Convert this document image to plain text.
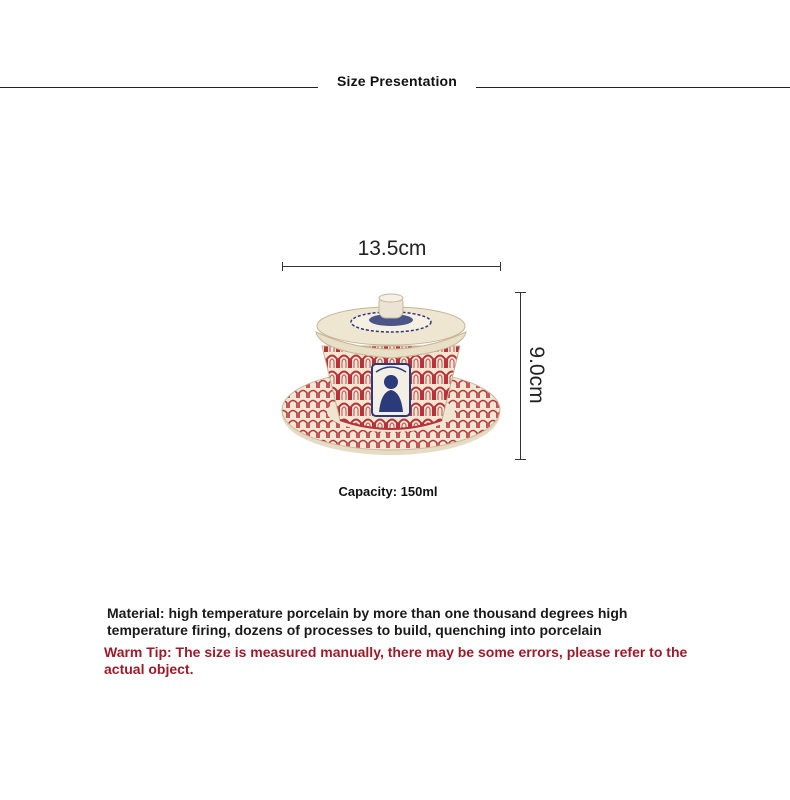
Size Presentation
13.5cm
9.0cm
Capacity: 150ml
Material: high temperature porcelain by more than one thousand degrees high
temperature firing, dozens of processes to build, quenching into porcelain
Warm Tip: The size is measured manually, there may be some errors, please refer to the
actual object.
